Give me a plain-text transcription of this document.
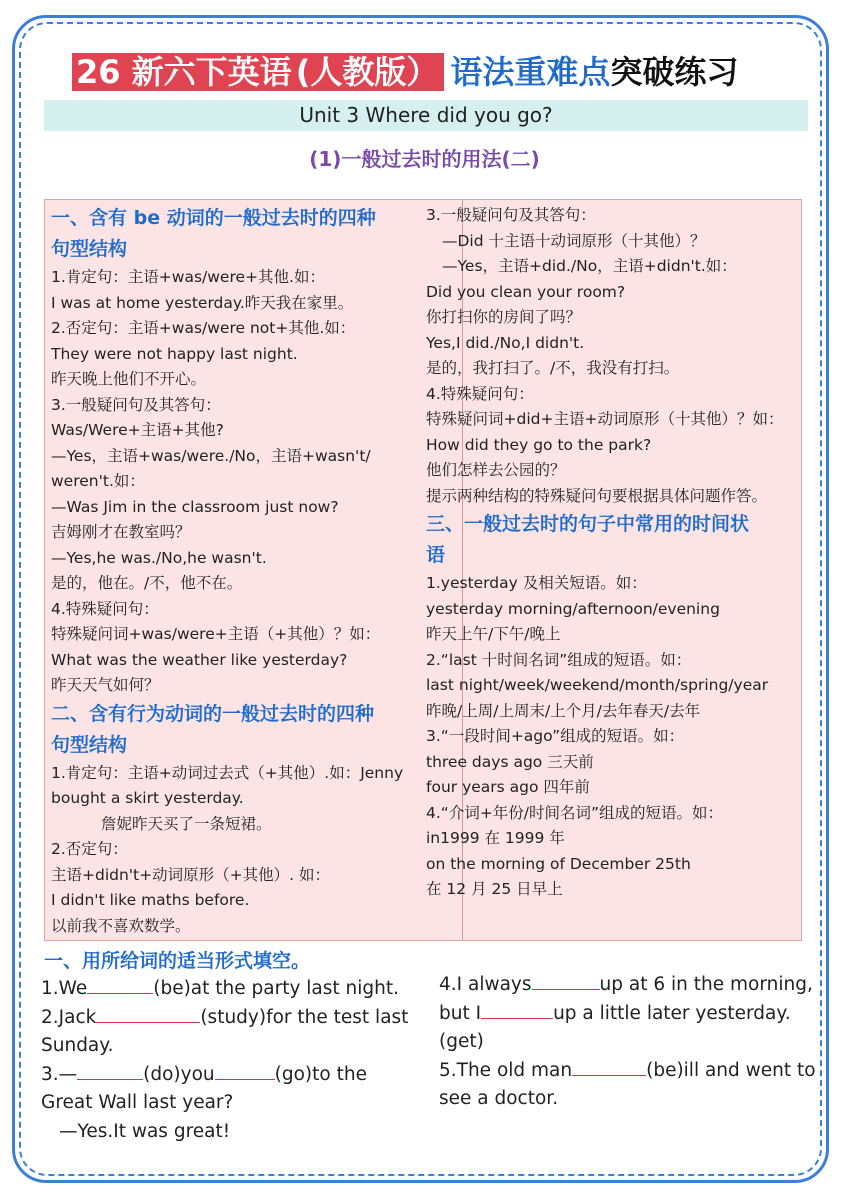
26 新六下英语 (人教版） 语法重难点突破练习
Unit 3 Where did you go?
(1)一般过去时的用法(二)
一、含有 be 动词的一般过去时的四种
句型结构
1.肯定句：主语+was/were+其他.如：
I was at home yesterday.昨天我在家里。
2.否定句：主语+was/were not+其他.如：
They were not happy last night.
昨天晚上他们不开心。
3.一般疑问句及其答句：
Was/Were+主语+其他?
—Yes，主语+was/were./No，主语+wasn't/
weren't.如：
—Was Jim in the classroom just now?
吉姆刚才在教室吗？
—Yes,he was./No,he wasn't.
是的，他在。/不，他不在。
4.特殊疑问句：
特殊疑问词+was/were+主语（+其他）？如：
What was the weather like yesterday?
昨天天气如何？
二、含有行为动词的一般过去时的四种
句型结构
1.肯定句：主语+动词过去式（+其他）.如：Jenny
bought a skirt yesterday.
詹妮昨天买了一条短裙。
2.否定句：
主语+didn't+动词原形（+其他）. 如：
I didn't like maths before.
以前我不喜欢数学。
3.一般疑问句及其答句：
—Did 十主语十动词原形（十其他）？
—Yes，主语+did./No，主语+didn't.如：
Did you clean your room?
你打扫你的房间了吗？
Yes,I did./No,I didn't.
是的，我打扫了。/不，我没有打扫。
4.特殊疑问句：
特殊疑问词+did+主语+动词原形（十其他）？如：
How did they go to the park?
他们怎样去公园的？
提示两种结构的特殊疑问句要根据具体问题作答。
三、一般过去时的句子中常用的时间状
语
1.yesterday 及相关短语。如：
yesterday morning/afternoon/evening
昨天上午/下午/晚上
2.“last 十时间名词”组成的短语。如：
last night/week/weekend/month/spring/year
昨晚/上周/上周末/上个月/去年春天/去年
3.“一段时间+ago”组成的短语。如：
three days ago 三天前
four years ago 四年前
4.“介词+年份/时间名词”组成的短语。如：
in1999 在 1999 年
on the morning of December 25th
在 12 月 25 日早上
一、用所给词的适当形式填空。
1.We	(be)at the party last night.
2.Jack	(study)for the test last
Sunday.
3.—	(do)you	(go)to the
Great Wall last year?
—Yes.It was great!
4.I always	up at 6 in the morning,
but I	up a little later yesterday.
(get)
5.The old man	(be)ill and went to
see a doctor.
